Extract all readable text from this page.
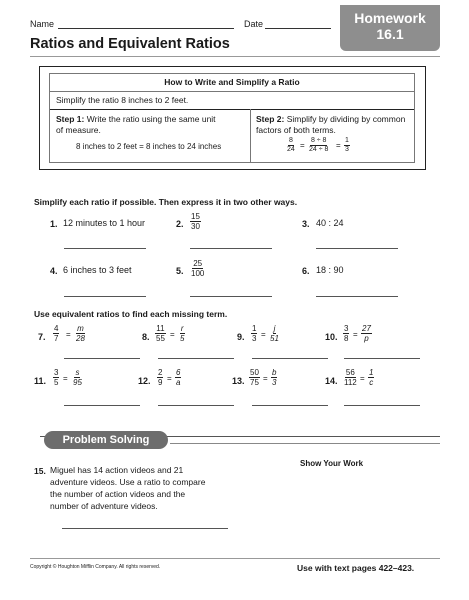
Name	Date	Homework
16.1
Ratios and Equivalent Ratios
How to Write and Simplify a Ratio
Simplify the ratio 8 inches to 2 feet.
Step 1: Write the ratio using the same unit
of measure.
8 inches to 2 feet = 8 inches to 24 inches
Step 2: Simplify by dividing by common
factors of both terms.
$\frac{8}{24} = \frac{8 \div 8}{24 \div 8} = \frac{1}{3}$
Simplify each ratio if possible. Then express it in two other ways.
1. 12 minutes to 1 hour	2. $\frac{15}{30}$	3. 40 : 24
4. 6 inches to 3 feet	5. $\frac{25}{100}$	6. 18 : 90
Use equivalent ratios to find each missing term.
7. $\frac{4}{7} = \frac{m}{28}$	8. $\frac{11}{55} = \frac{r}{5}$	9. $\frac{1}{3} = \frac{j}{51}$	10. $\frac{3}{8} = \frac{27}{p}$
11. $\frac{3}{5} = \frac{s}{95}$	12. $\frac{2}{9} = \frac{6}{a}$	13. $\frac{50}{75} = \frac{b}{3}$	14. $\frac{56}{112} = \frac{1}{c}$
Problem Solving
Show Your Work
15. Miguel has 14 action videos and 21
adventure videos. Use a ratio to compare
the number of action videos and the
number of adventure videos.
Copyright © Houghton Mifflin Company. All rights reserved.	Use with text pages 422–423.
